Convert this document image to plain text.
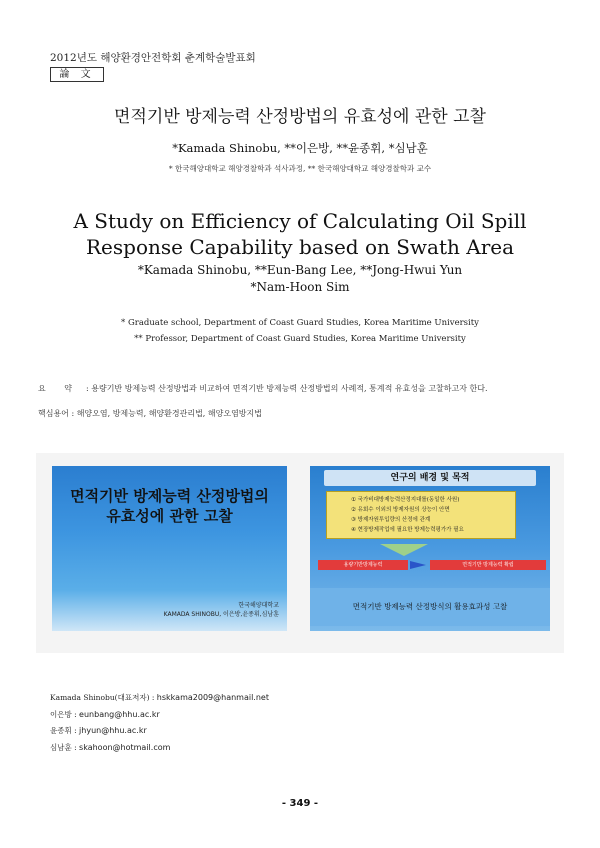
2012년도 해양환경안전학회 춘계학술발표회
論 文
면적기반 방제능력 산정방법의 유효성에 관한 고찰
*Kamada Shinobu, **이은방, **윤종휘, *심남훈
* 한국해양대학교 해양경찰학과 석사과정, ** 한국해양대학교 해양경찰학과 교수
A Study on Efficiency of Calculating Oil Spill Response Capability based on Swath Area
*Kamada Shinobu, **Eun-Bang Lee, **Jong-Hwui Yun
*Nam-Hoon Sim
* Graduate school, Department of Coast Guard Studies, Korea Maritime University
** Professor, Department of Coast Guard Studies, Korea Maritime University
요 약 : 용량기반 방제능력 산정방법과 비교하여 면적기반 방제능력 산정방법의 사례적, 통계적 유효성을 고찰하고자 한다.
핵심용어 : 해양오염, 방제능력, 해양환경관리법, 해양오염방지법
면적기반 방제능력 산정방법의
유효성에 관한 고찰
한국해양대학교
KAMADA SHINOBU, 이은방,윤종휘,심남훈
연구의 배경 및 목적
① 국가비대방제능력산정지대를(동일한 사원)
② 유회수 이외의 방제자원의 상능이 안면
③ 방제자원투입량의 산정에 관계
④ 현장방제작업에 필요한 방제능력평가가 필요
용량기반방제능력	면적기반 방제능력 확립
면적기반 방제능력 산정방식의 활용효과성 고찰
Kamada Shinobu(대표저자) : hskkama2009@hanmail.net
이은방 : eunbang@hhu.ac.kr
윤종휘 : jhyun@hhu.ac.kr
심남훈 : skahoon@hotmail.com
- 349 -
